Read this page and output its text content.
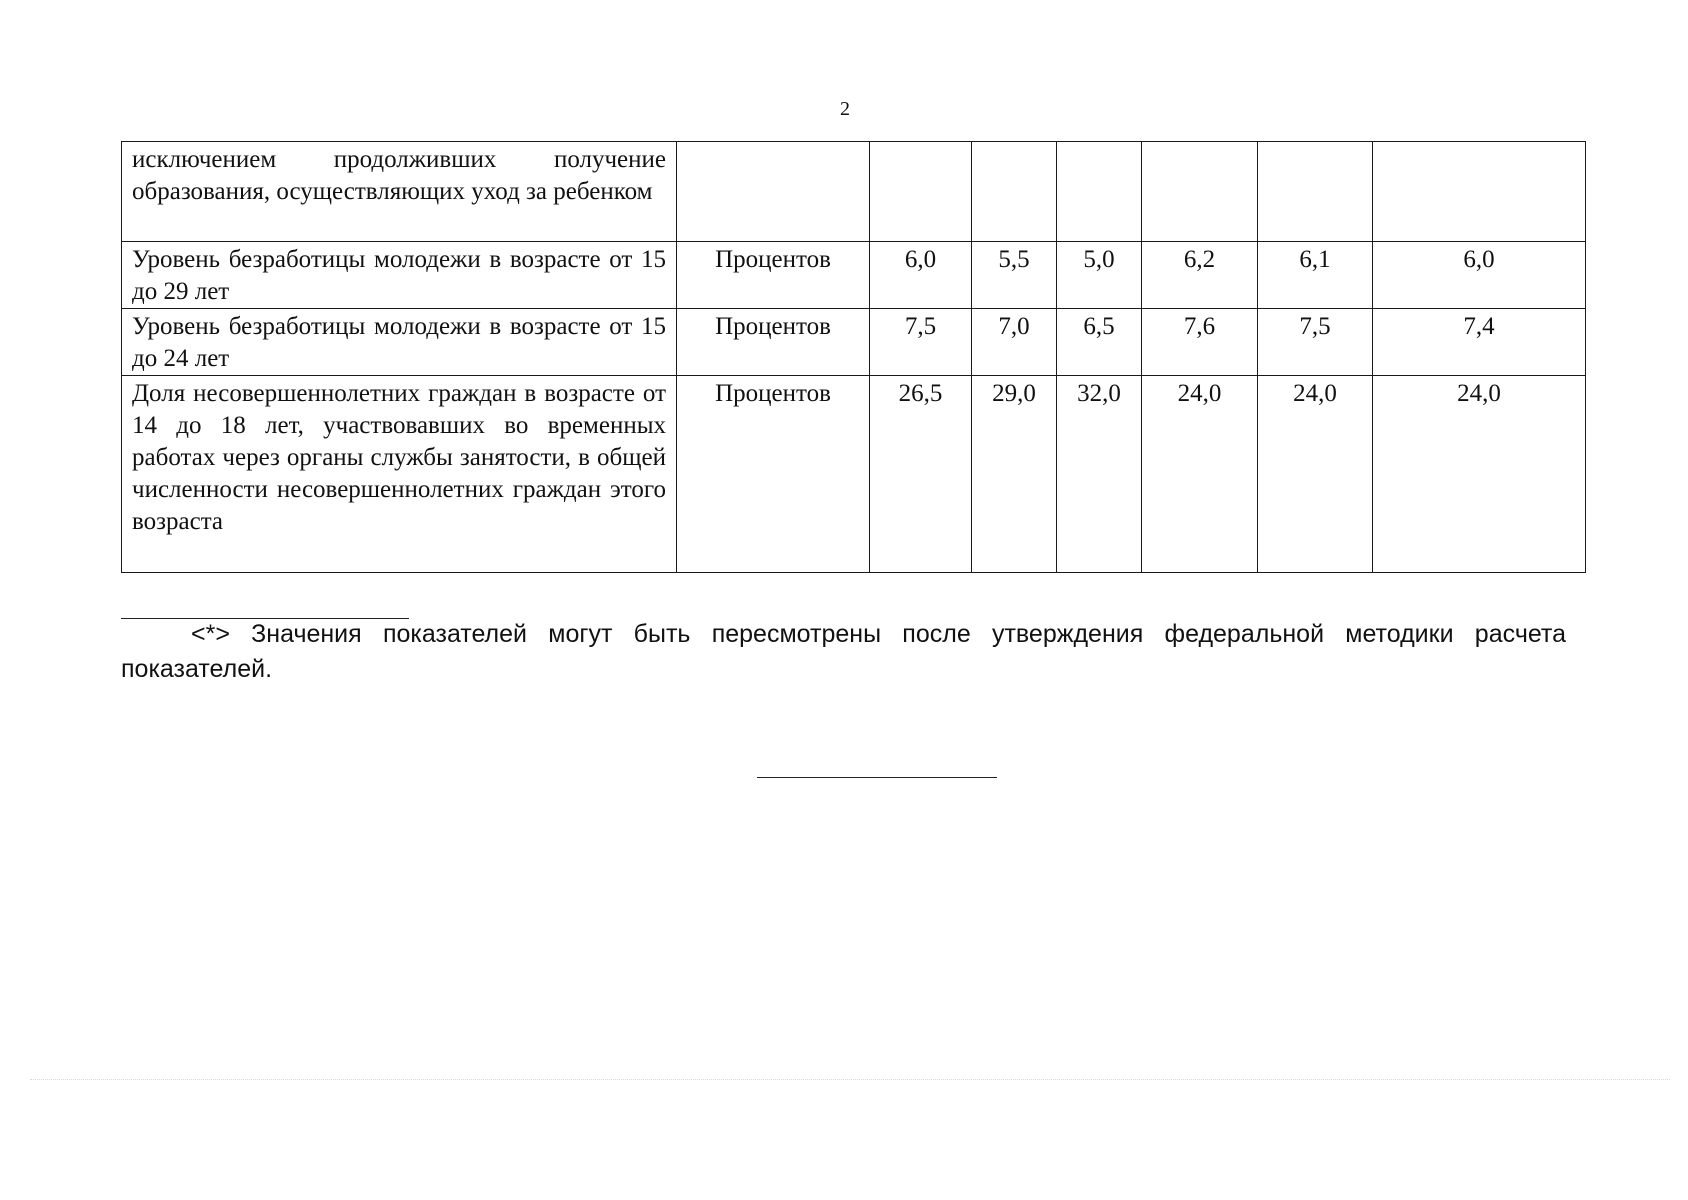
2
исключением продолживших получение образования, осуществляющих уход за ребенком							
Уровень безработицы молодежи в возрасте от 15 до 29 лет	Процентов	6,0	5,5	5,0	6,2	6,1	6,0
Уровень безработицы молодежи в возрасте от 15 до 24 лет	Процентов	7,5	7,0	6,5	7,6	7,5	7,4
Доля несовершеннолетних граждан в возрасте от 14 до 18 лет, участвовавших во временных работах через органы службы занятости, в общей численности несовершеннолетних граждан этого возраста	Процентов	26,5	29,0	32,0	24,0	24,0	24,0
<*> Значения показателей могут быть пересмотрены после утверждения федеральной методики расчета показателей.
